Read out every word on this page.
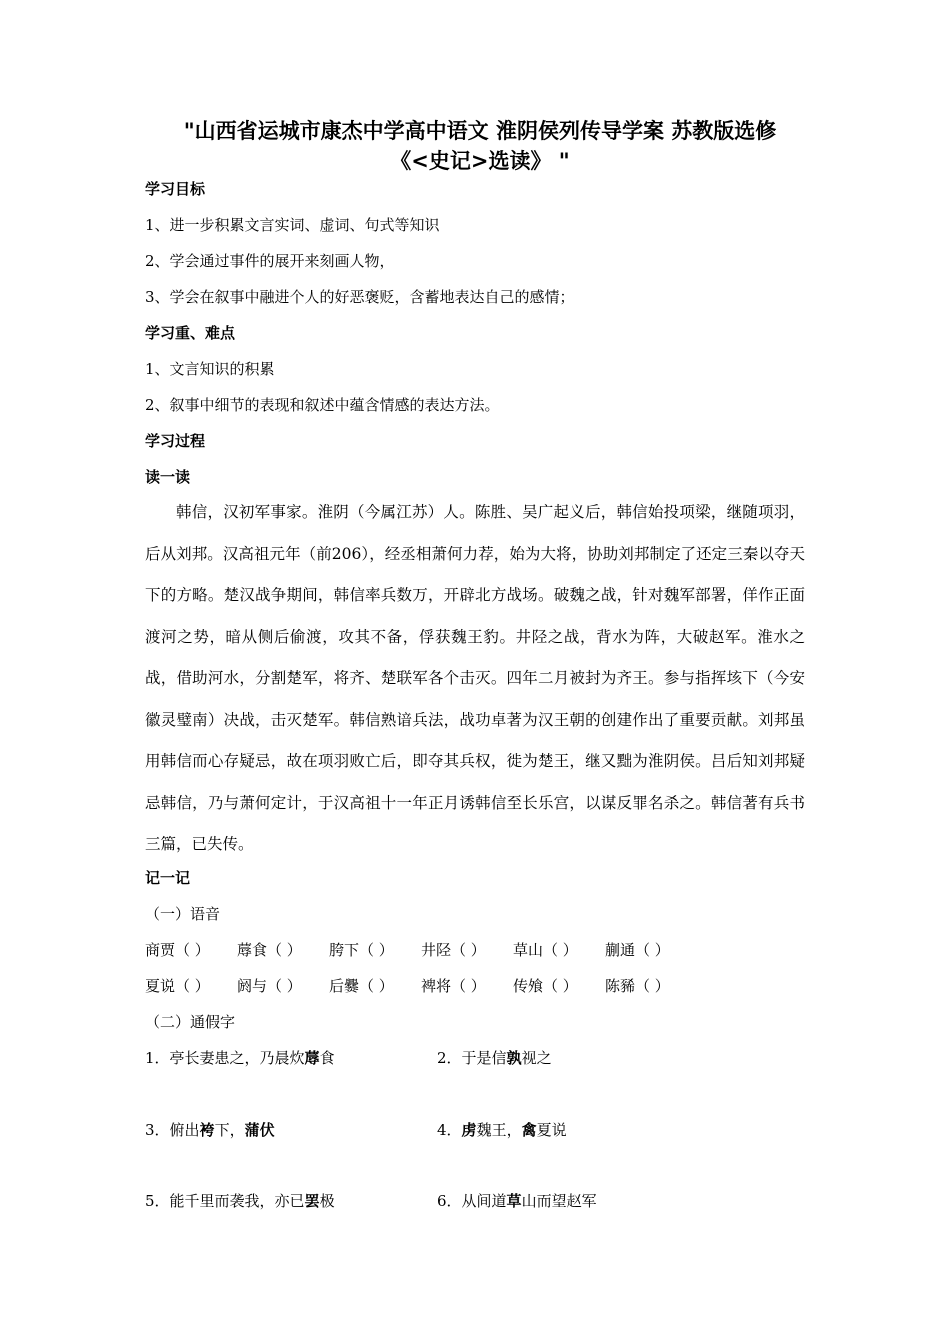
"山西省运城市康杰中学高中语文 淮阴侯列传导学案 苏教版选修
《<史记>选读》 "
学习目标
1、进一步积累文言实词、虚词、句式等知识
2、学会通过事件的展开来刻画人物，
3、学会在叙事中融进个人的好恶褒贬，含蓄地表达自己的感情；
学习重、难点
1、文言知识的积累
2、叙事中细节的表现和叙述中蕴含情感的表达方法。
学习过程
读一读
韩信，汉初军事家。淮阴（今属江苏）人。陈胜、吴广起义后，韩信始投项梁，继随项羽，后从刘邦。汉高祖元年（前206），经丞相萧何力荐，始为大将，协助刘邦制定了还定三秦以夺天下的方略。楚汉战争期间，韩信率兵数万，开辟北方战场。破魏之战，针对魏军部署，佯作正面渡河之势，暗从侧后偷渡，攻其不备，俘获魏王豹。井陉之战，背水为阵，大破赵军。淮水之战，借助河水，分割楚军，将齐、楚联军各个击灭。四年二月被封为齐王。参与指挥垓下（今安徽灵璧南）决战，击灭楚军。韩信熟谙兵法，战功卓著为汉王朝的创建作出了重要贡献。刘邦虽用韩信而心存疑忌，故在项羽败亡后，即夺其兵权，徙为楚王，继又黜为淮阴侯。吕后知刘邦疑忌韩信，乃与萧何定计，于汉高祖十一年正月诱韩信至长乐宫，以谋反罪名杀之。韩信著有兵书三篇，已失传。
记一记
（一）语音
商贾（ ） 蓐食（ ） 胯下（ ） 井陉（ ） 草山（ ） 蒯通（ ）
夏说（ ） 阏与（ ） 后爨（ ） 裨将（ ） 传飧（ ） 陈豨（ ）
（二）通假字
1．亭长妻患之，乃晨炊蓐食	2．于是信孰视之
3．俯出袴下，蒲伏	4．虏魏王，禽夏说
5．能千里而袭我，亦已罢极	6．从间道草山而望赵军
